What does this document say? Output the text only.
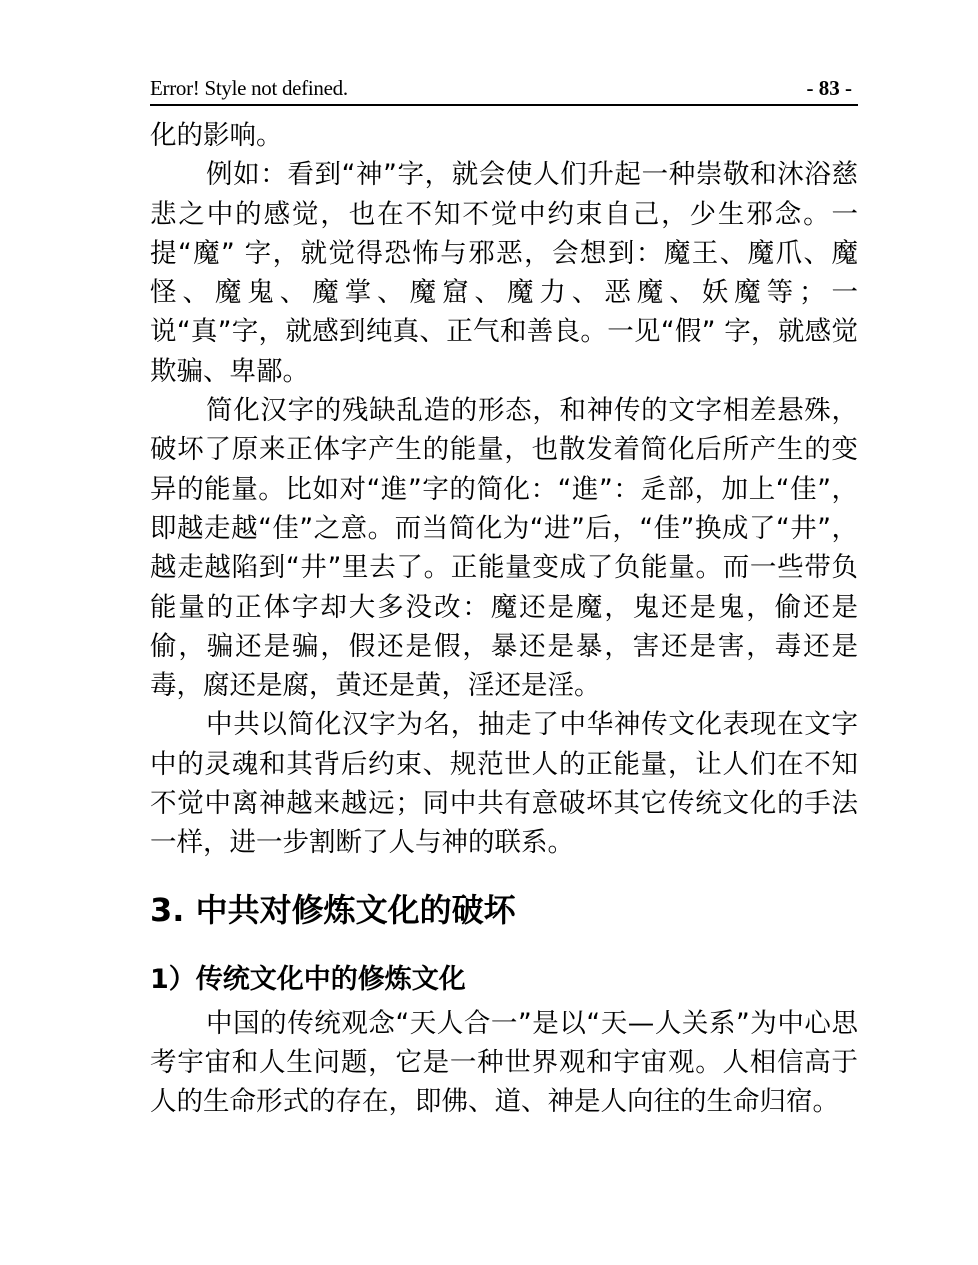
Error! Style not defined.	- 83 -

化的影响。

例如：看到“神”字，就会使人们升起一种崇敬和沐浴慈悲之中的感觉，也在不知不觉中约束自己，少生邪念。一提“魔” 字，就觉得恐怖与邪恶，会想到：魔王、魔爪、魔怪、魔鬼、魔掌、魔窟、魔力、恶魔、妖魔等；一说“真”字，就感到纯真、正气和善良。一见“假” 字，就感觉欺骗、卑鄙。

简化汉字的残缺乱造的形态，和神传的文字相差悬殊，破坏了原来正体字产生的能量，也散发着简化后所产生的变异的能量。比如对“進”字的简化：“進”：辵部，加上“佳”，即越走越“佳”之意。而当简化为“进”后，“佳”换成了“井”，越走越陷到“井”里去了。正能量变成了负能量。而一些带负能量的正体字却大多没改：魔还是魔，鬼还是鬼，偷还是偷，骗还是骗，假还是假，暴还是暴，害还是害，毒还是毒，腐还是腐，黄还是黄，淫还是淫。

中共以简化汉字为名，抽走了中华神传文化表现在文字中的灵魂和其背后约束、规范世人的正能量，让人们在不知不觉中离神越来越远；同中共有意破坏其它传统文化的手法一样，进一步割断了人与神的联系。

3. 中共对修炼文化的破坏
1）传统文化中的修炼文化

中国的传统观念“天人合一”是以“天—人关系”为中心思考宇宙和人生问题，它是一种世界观和宇宙观。人相信高于人的生命形式的存在，即佛、道、神是人向往的生命归宿。
